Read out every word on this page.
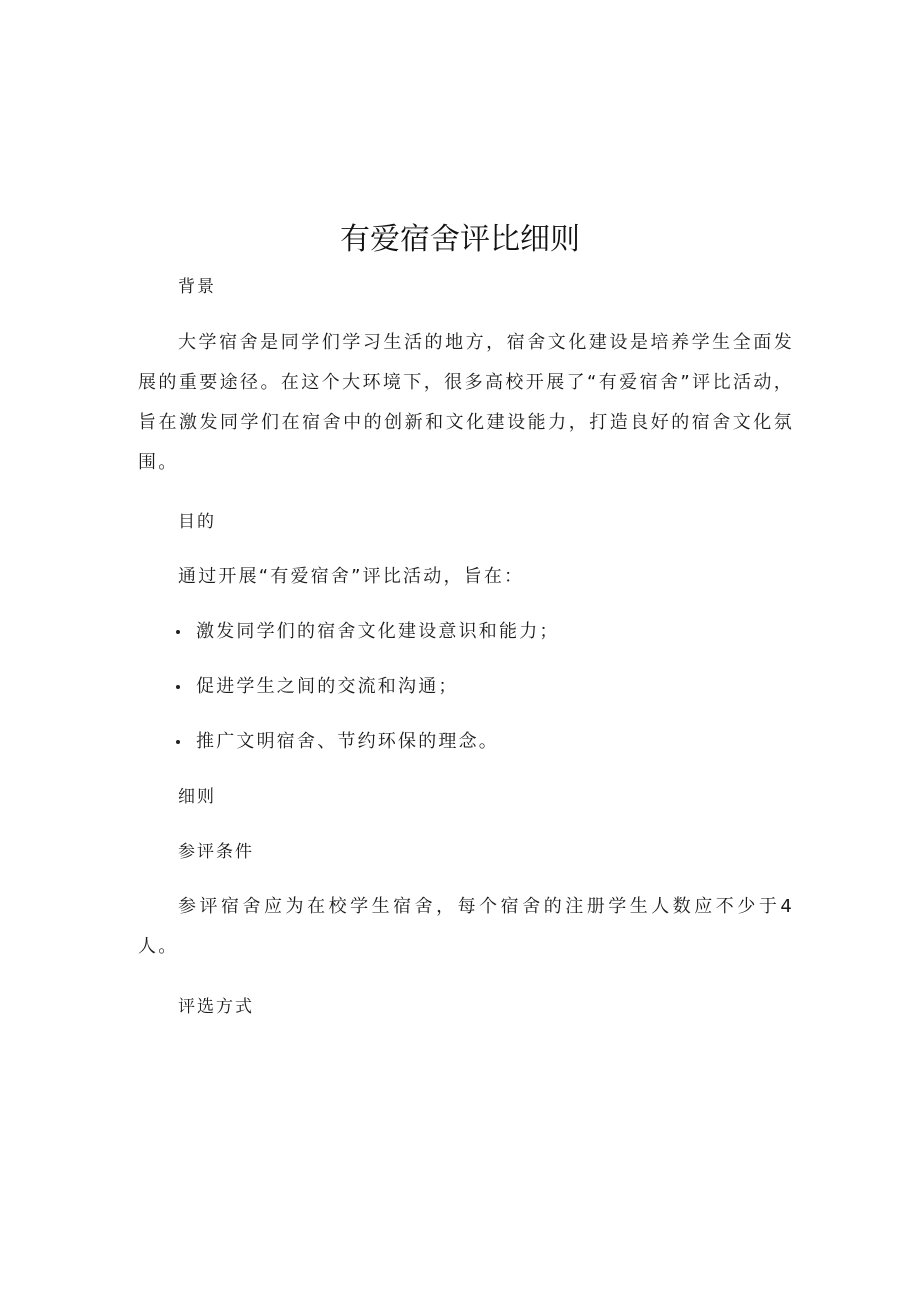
有爱宿舍评比细则
背景
大学宿舍是同学们学习生活的地方，宿舍文化建设是培养学生全面发展的重要途径。在这个大环境下，很多高校开展了“有爱宿舍”评比活动，旨在激发同学们在宿舍中的创新和文化建设能力，打造良好的宿舍文化氛围。
目的
通过开展“有爱宿舍”评比活动，旨在：
激发同学们的宿舍文化建设意识和能力；
促进学生之间的交流和沟通；
推广文明宿舍、节约环保的理念。
细则
参评条件
参评宿舍应为在校学生宿舍，每个宿舍的注册学生人数应不少于4人。
评选方式
